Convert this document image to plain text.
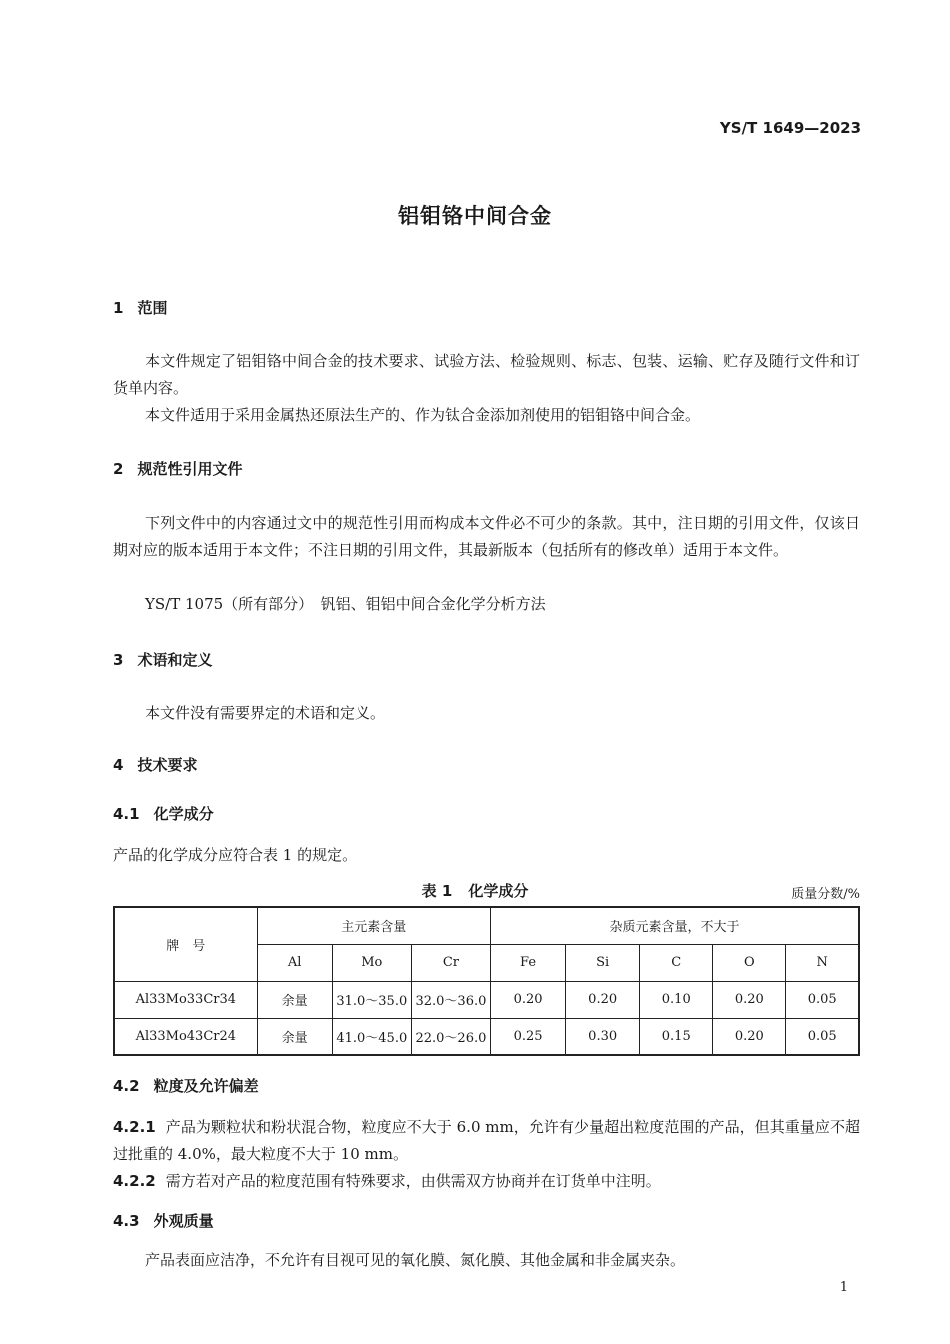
YS/T 1649—2023
铝钼铬中间合金
1 范围

本文件规定了铝钼铬中间合金的技术要求、试验方法、检验规则、标志、包装、运输、贮存及随行文件和订货单内容。

本文件适用于采用金属热还原法生产的、作为钛合金添加剂使用的铝钼铬中间合金。

2 规范性引用文件

下列文件中的内容通过文中的规范性引用而构成本文件必不可少的条款。其中，注日期的引用文件，仅该日期对应的版本适用于本文件；不注日期的引用文件，其最新版本（包括所有的修改单）适用于本文件。

YS/T 1075（所有部分）　钒铝、钼铝中间合金化学分析方法

3 术语和定义

本文件没有需要界定的术语和定义。

4 技术要求
4.1 化学成分

产品的化学成分应符合表 1 的规定。

表 1 化学成分	质量分数/%
牌　号	主元素含量			杂质元素含量，不大于				
	Al	Mo	Cr	Fe	Si	C	O	N
Al33Mo33Cr34	余量	31.0～35.0	32.0～36.0	0.20	0.20	0.10	0.20	0.05
Al33Mo43Cr24	余量	41.0～45.0	22.0～26.0	0.25	0.30	0.15	0.20	0.05
4.2 粒度及允许偏差

4.2.1 产品为颗粒状和粉状混合物，粒度应不大于 6.0 mm，允许有少量超出粒度范围的产品，但其重量应不超过批重的 4.0%，最大粒度不大于 10 mm。

4.2.2 需方若对产品的粒度范围有特殊要求，由供需双方协商并在订货单中注明。

4.3 外观质量

产品表面应洁净，不允许有目视可见的氧化膜、氮化膜、其他金属和非金属夹杂。

1
